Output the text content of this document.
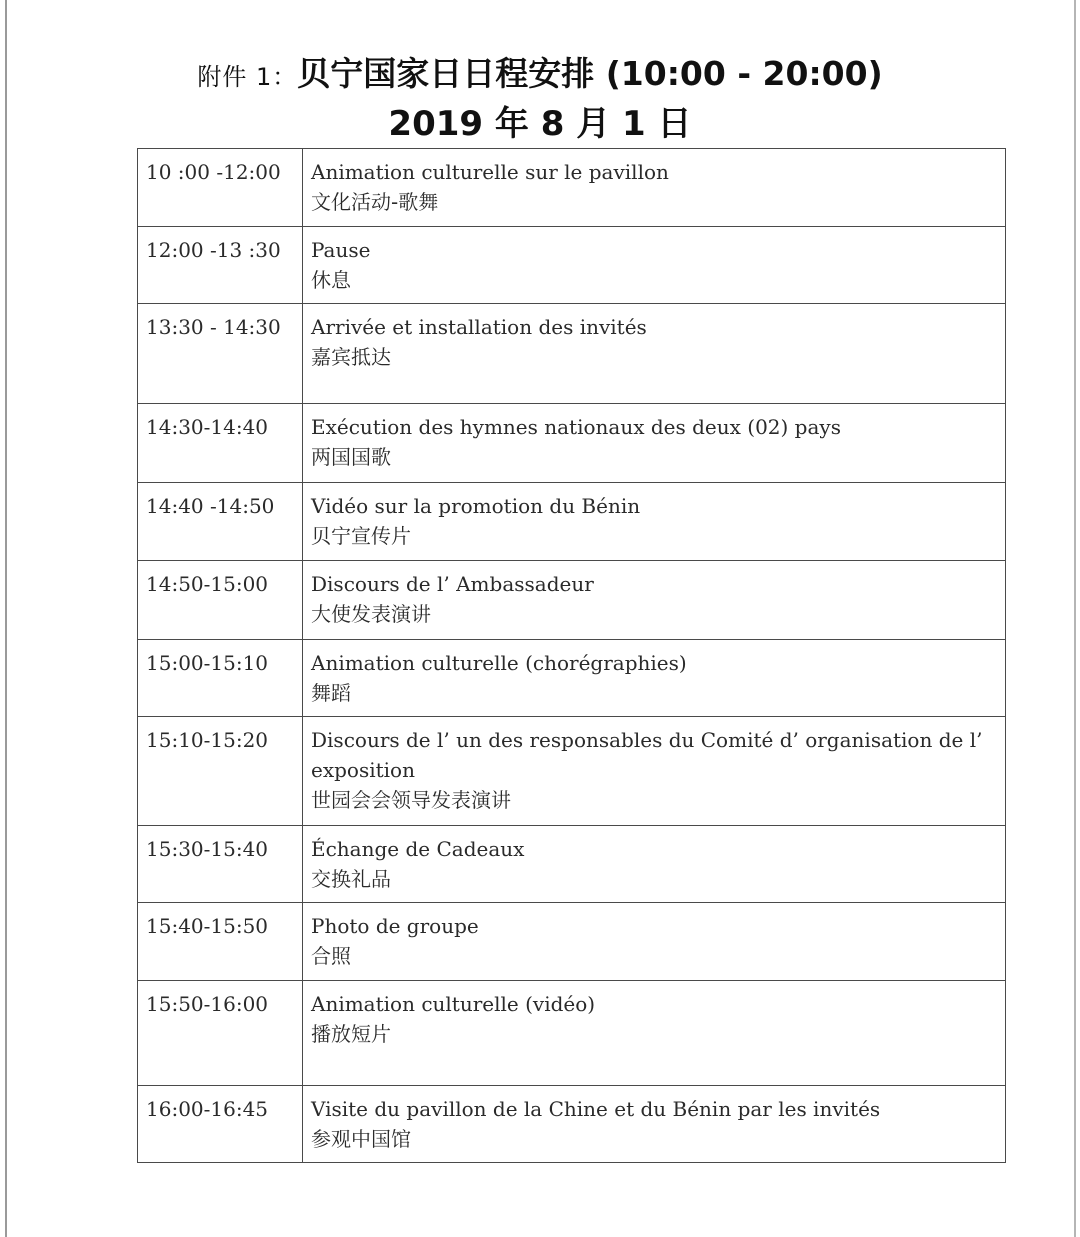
附件 1：贝宁国家日日程安排 (10:00 - 20:00)
2019 年 8 月 1 日
10 :00 -12:00	Animation culturelle sur le pavillon
文化活动-歌舞

12:00 -13 :30	Pause
休息

13:30 - 14:30	Arrivée et installation des invités
嘉宾抵达

14:30-14:40	Exécution des hymnes nationaux des deux (02) pays
两国国歌

14:40 -14:50	Vidéo sur la promotion du Bénin
贝宁宣传片

14:50-15:00	Discours de l’ Ambassadeur
大使发表演讲

15:00-15:10	Animation culturelle (chorégraphies)
舞蹈

15:10-15:20	Discours de l’ un des responsables du Comité d’ organisation de l’ exposition
世园会会领导发表演讲

15:30-15:40	Échange de Cadeaux
交换礼品

15:40-15:50	Photo de groupe
合照

15:50-16:00	Animation culturelle (vidéo)
播放短片

16:00-16:45	Visite du pavillon de la Chine et du Bénin par les invités
参观中国馆
